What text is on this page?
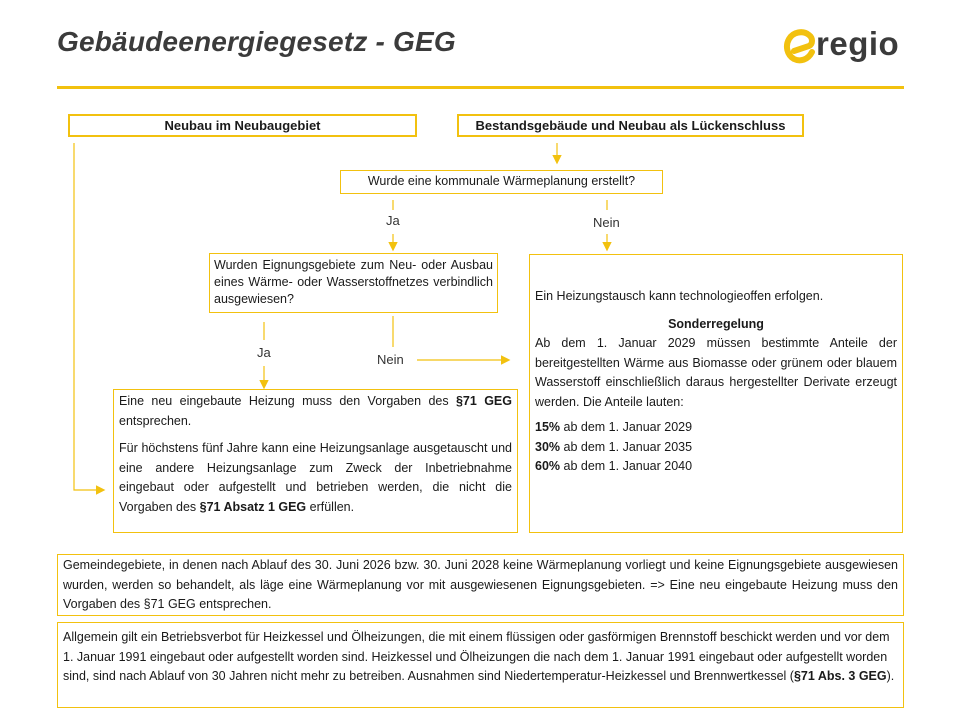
Gebäudeenergiegesetz - GEG	regio
Neubau im Neubaugebiet	Bestandsgebäude und Neubau als Lückenschluss
Wurde eine kommunale Wärmeplanung erstellt?
Ja	Nein
Ja	Nein
Wurden Eignungsgebiete zum Neu- oder Ausbau eines Wärme- oder Wasserstoffnetzes verbindlich ausgewiesen?

Eine neu eingebaute Heizung muss den Vorgaben des §71 GEG entsprechen.

Für höchstens fünf Jahre kann eine Heizungsanlage ausgetauscht und eine andere Heizungsanlage zum Zweck der Inbetriebnahme eingebaut oder aufgestellt und betrieben werden, die nicht die Vorgaben des §71 Absatz 1 GEG erfüllen.

Ein Heizungstausch kann technologieoffen erfolgen.

Sonderregelung

Ab dem 1. Januar 2029 müssen bestimmte Anteile der bereitgestellten Wärme aus Biomasse oder grünem oder blauem Wasserstoff einschließlich daraus hergestellter Derivate erzeugt werden. Die Anteile lauten:

15% ab dem 1. Januar 2029

30% ab dem 1. Januar 2035

60% ab dem 1. Januar 2040

Gemeindegebiete, in denen nach Ablauf des 30. Juni 2026 bzw. 30. Juni 2028 keine Wärmeplanung vorliegt und keine Eignungsgebiete ausgewiesen wurden, werden so behandelt, als läge eine Wärmeplanung vor mit ausgewiesenen Eignungsgebieten. => Eine neu eingebaute Heizung muss den Vorgaben des §71 GEG entsprechen.
Allgemein gilt ein Betriebsverbot für Heizkessel und Ölheizungen, die mit einem flüssigen oder gasförmigen Brennstoff beschickt werden und vor dem 1. Januar 1991 eingebaut oder aufgestellt worden sind. Heizkessel und Ölheizungen die nach dem 1. Januar 1991 eingebaut oder aufgestellt worden sind, sind nach Ablauf von 30 Jahren nicht mehr zu betreiben. Ausnahmen sind Niedertemperatur-Heizkessel und Brennwertkessel (§71 Abs. 3 GEG).
